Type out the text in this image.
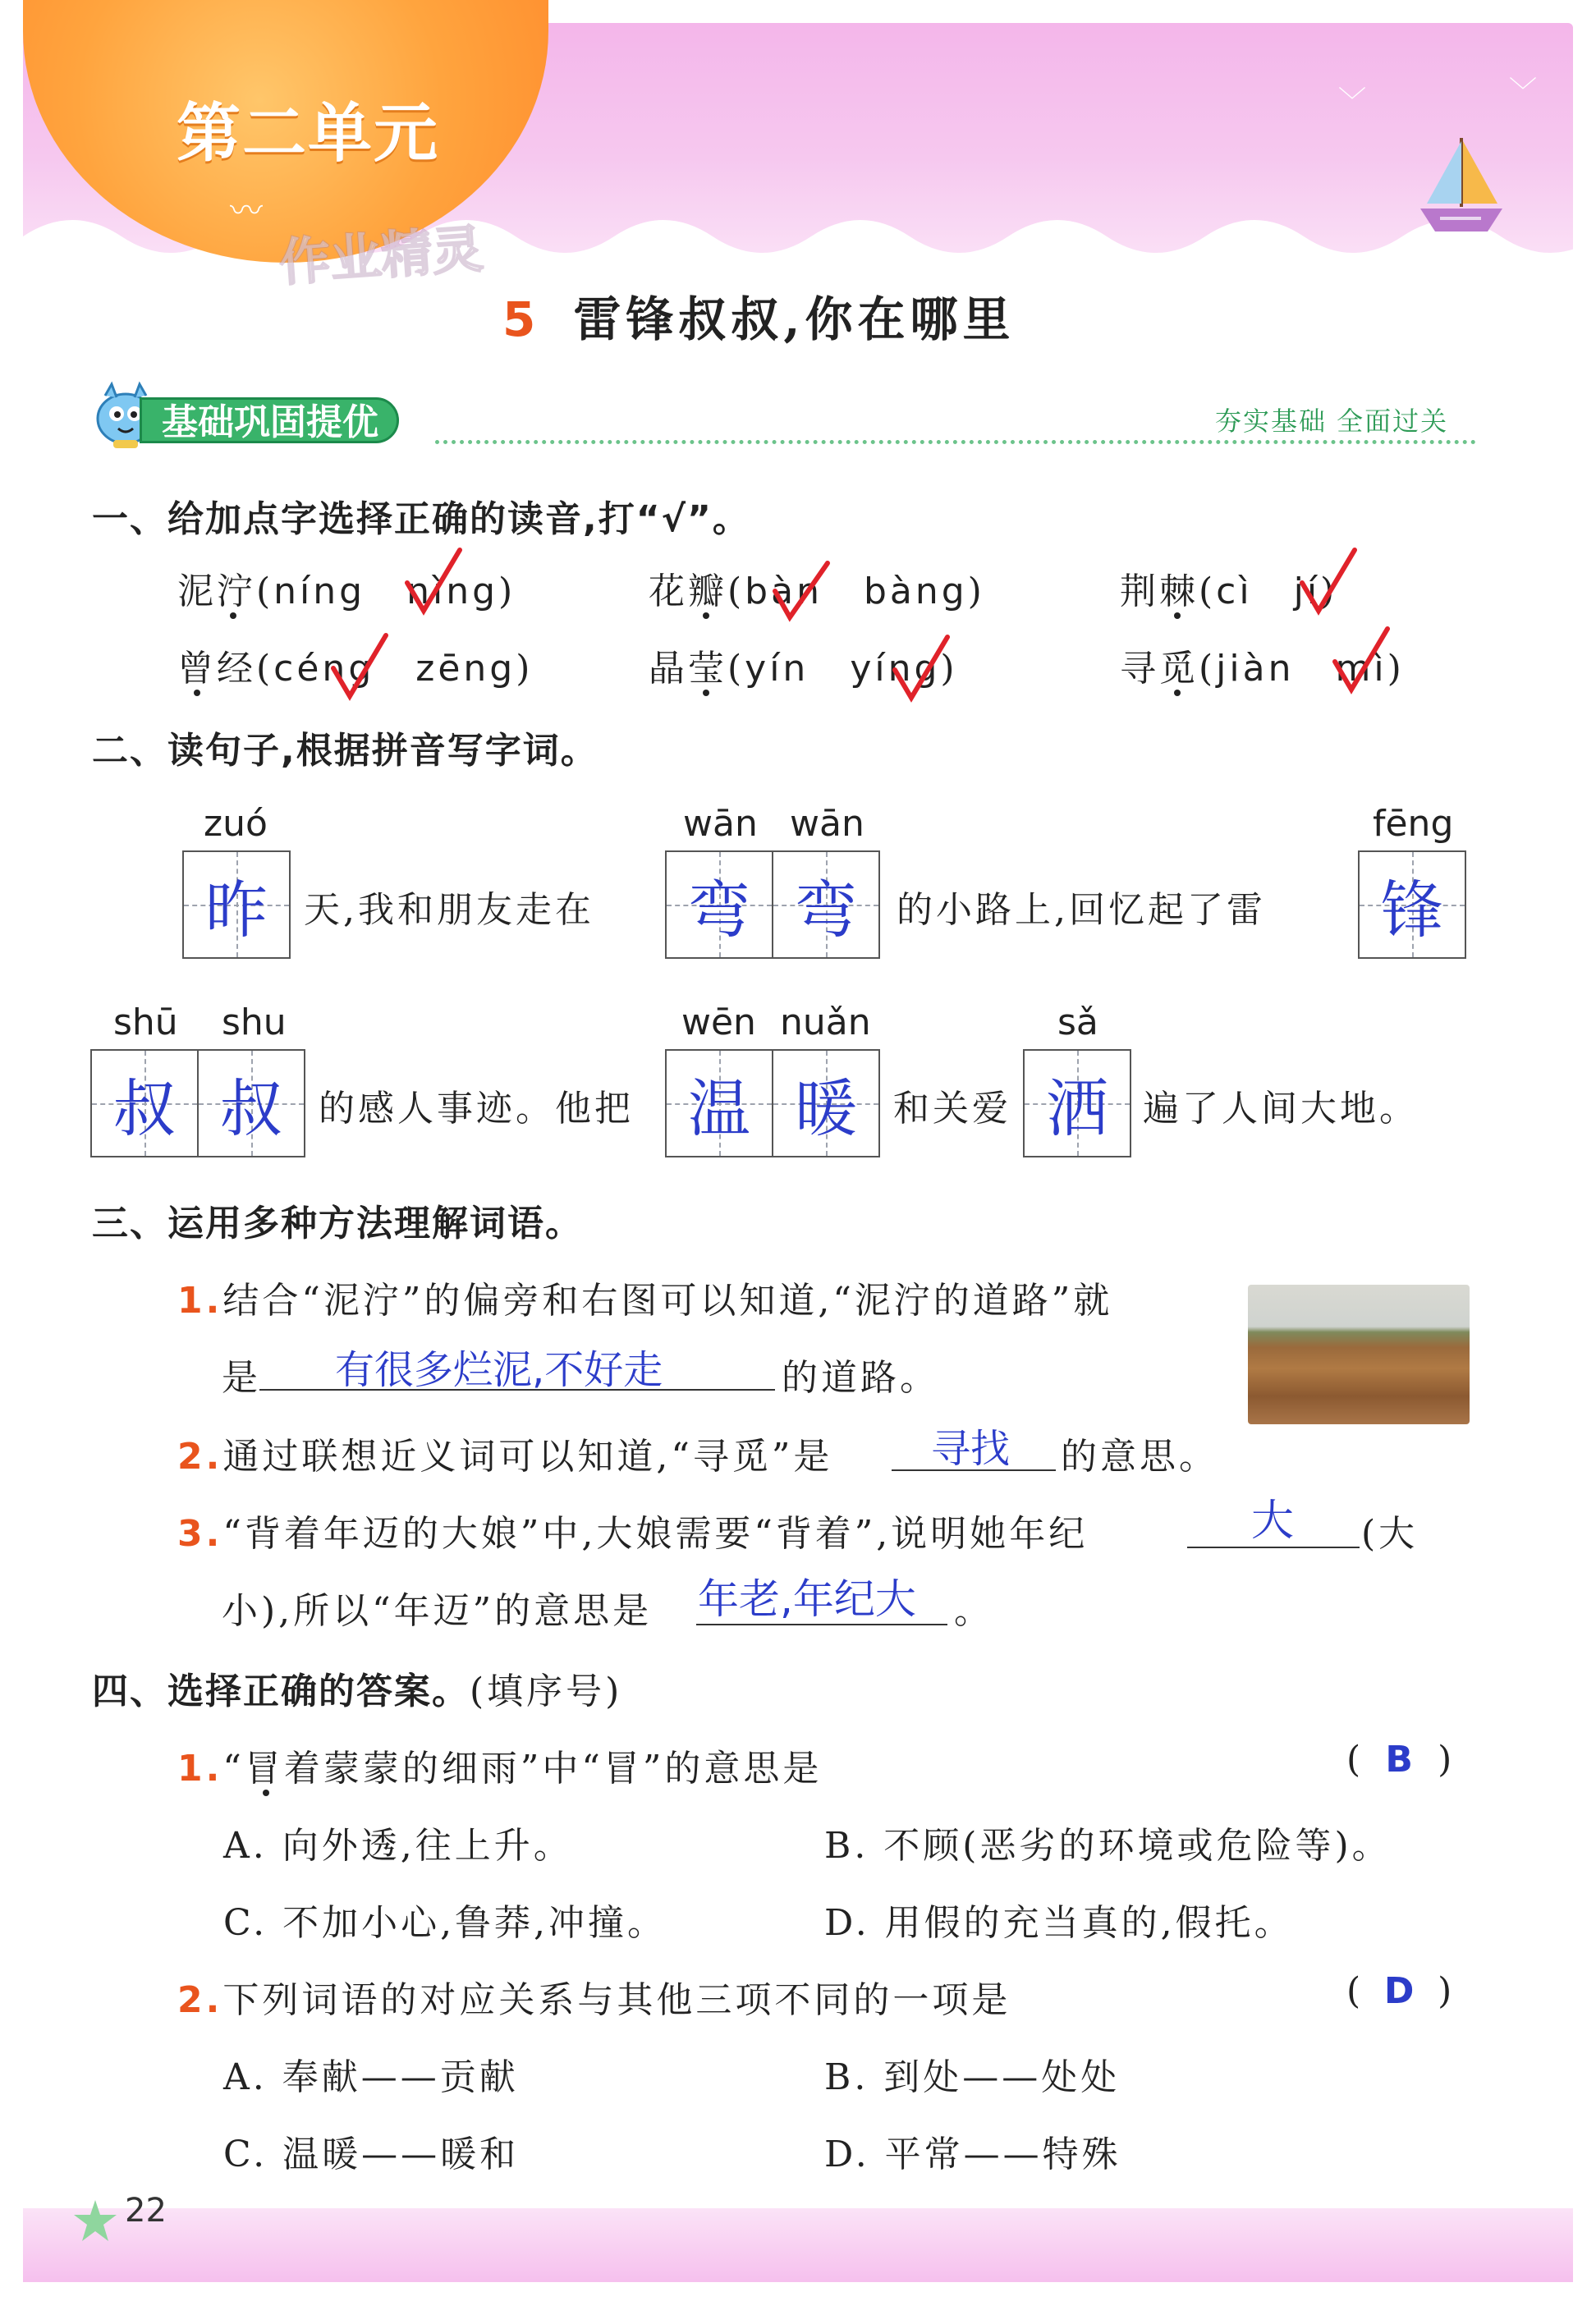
第二单元
〰
作业精灵
﹀	﹀
5 雷锋叔叔,你在哪里
基础巩固提优	夯实基础 全面过关
一、给加点字选择正确的读音,打“√”。
泥泞(níng nìng)	花瓣(bàn bàng)	荆棘(cì jí)
曾经(céng zēng)	晶莹(yín yíng)	寻觅(jiàn mì)
二、读句子,根据拼音写字词。
zuó	wān wān	fēng
昨	天,我和朋友走在	弯 弯	的小路上,回忆起了雷	锋
shū shu	wēn nuǎn	sǎ
叔 叔	的感人事迹。他把 温 暖	和关爱 洒 遍了人间大地。
三、运用多种方法理解词语。
1.结合“泥泞”的偏旁和右图可以知道,“泥泞的道路”就
是 有很多烂泥,不好走	的道路。
2.通过联想近义词可以知道,“寻觅”是 寻找 的意思。
3.“背着年迈的大娘”中,大娘需要“背着”,说明她年纪	大 (大
小),所以“年迈”的意思是 年老,年纪大 。
四、选择正确的答案。(填序号)
1.“冒着蒙蒙的细雨”中“冒”的意思是	( B )
A. 向外透,往上升。	B. 不顾(恶劣的环境或危险等)。
C. 不加小心,鲁莽,冲撞。	D. 用假的充当真的,假托。
2.下列词语的对应关系与其他三项不同的一项是	( D )
A. 奉献——贡献	B. 到处——处处
C. 温暖——暖和	D. 平常——特殊
22
